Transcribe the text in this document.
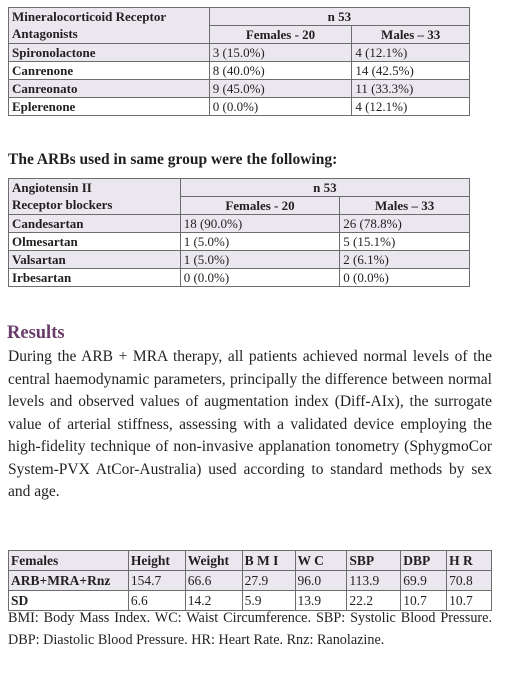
Mineralocorticoid Receptor
Antagonists	n 53	
	Females - 20	Males – 33
Spironolactone	3 (15.0%)	4 (12.1%)
Canrenone	8 (40.0%)	14 (42.5%)
Canreonato	9 (45.0%)	11 (33.3%)
Eplerenone	0 (0.0%)	4 (12.1%)

The ARBs used in same group were the following:

Angiotensin II
Receptor blockers	n 53	
	Females - 20	Males – 33
Candesartan	18 (90.0%)	26 (78.8%)
Olmesartan	1 (5.0%)	5 (15.1%)
Valsartan	1 (5.0%)	2 (6.1%)
Irbesartan	0 (0.0%)	0 (0.0%)
Results

During the ARB + MRA therapy, all patients achieved normal levels of the central haemodynamic parameters, principally the difference between normal levels and observed values of augmentation index (Diff-AIx), the surrogate value of arterial stiffness, assessing with a validated device employing the high-fidelity technique of non-invasive applanation tonometry (SphygmoCor System-PVX AtCor-Australia) used according to standard methods by sex and age.

Females	Height	Weight	B M I	W C	SBP	DBP	H R
ARB+MRA+Rnz	154.7	66.6	27.9	96.0	113.9	69.9	70.8
SD	6.6	14.2	5.9	13.9	22.2	10.7	10.7

BMI: Body Mass Index. WC: Waist Circumference. SBP: Systolic Blood Pressure. DBP: Diastolic Blood Pressure. HR: Heart Rate. Rnz: Ranolazine.
